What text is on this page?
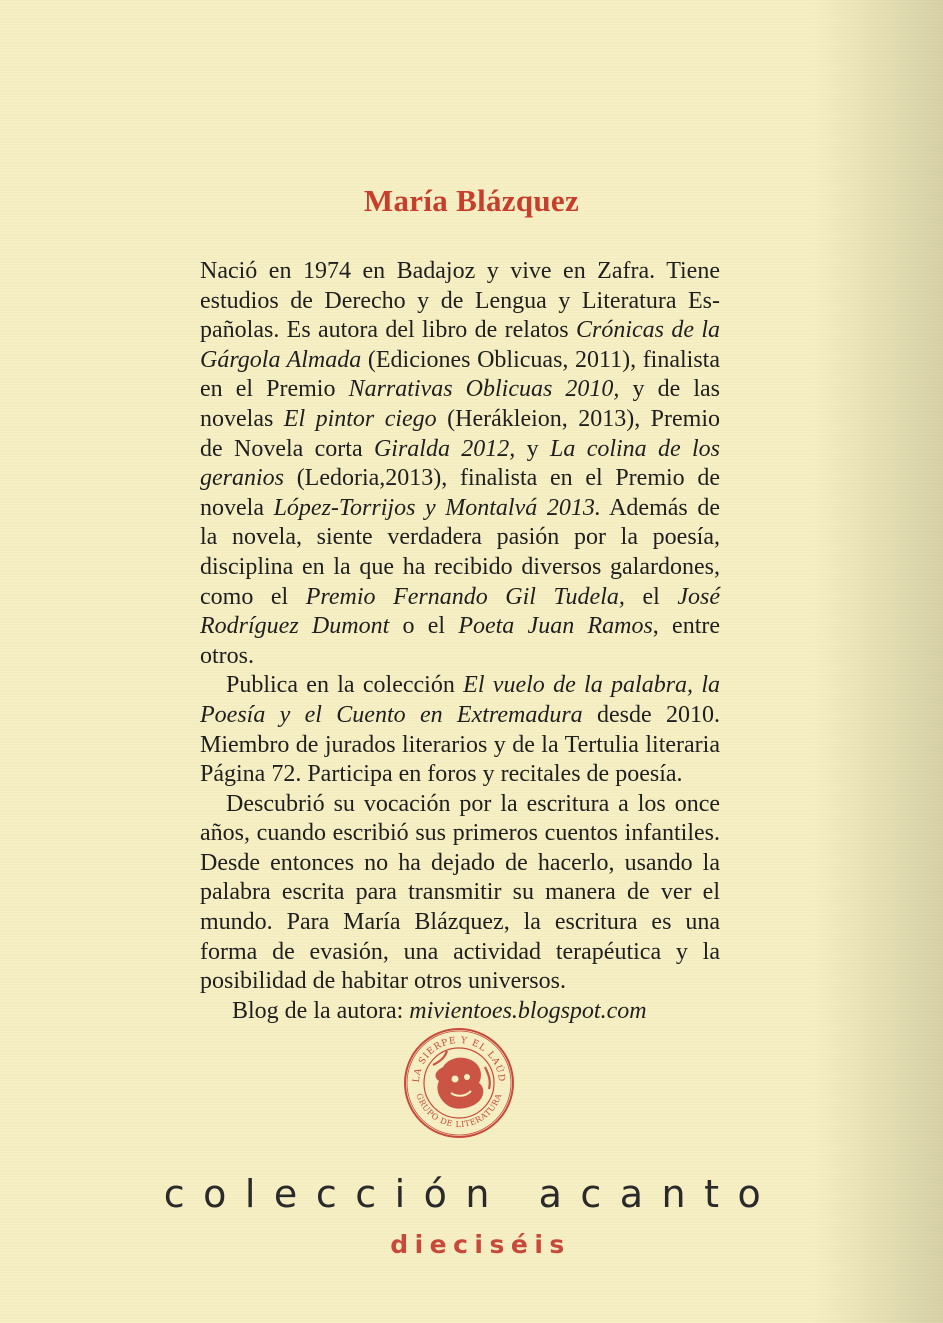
María Blázquez

Nació en 1974 en Badajoz y vive en Zafra. Tiene estudios de Derecho y de Lengua y Literatura Españolas. Es autora del libro de relatos Crónicas de la Gárgola Almada (Ediciones Oblicuas, 2011), finalista en el Premio Narrativas Oblicuas 2010, y de las novelas El pintor ciego (Herákleion, 2013), Premio de Novela corta Giralda 2012, y La colina de los geranios (Ledoria,2013), finalista en el Premio de novela López-Torrijos y Montalvá 2013. Además de la novela, siente verdadera pasión por la poesía, disciplina en la que ha recibido diversos galardones, como el Premio Fernando Gil Tudela, el José Rodríguez Dumont o el Poeta Juan Ramos, entre otros.

Publica en la colección El vuelo de la palabra, la Poesía y el Cuento en Extremadura desde 2010. Miembro de jurados literarios y de la Tertulia literaria Página 72. Participa en foros y recitales de poesía.

Descubrió su vocación por la escritura a los once años, cuando escribió sus primeros cuentos infantiles. Desde entonces no ha dejado de hacerlo, usando la palabra escrita para transmitir su manera de ver el mundo. Para María Blázquez, la escritura es una forma de evasión, una actividad terapéutica y la posibilidad de habitar otros universos.

Blog de la autora: mivientoes.blogspot.com

LA SIERPE Y EL LAÚD
GRUPO DE LITERATURA
colección acanto
dieciséis
